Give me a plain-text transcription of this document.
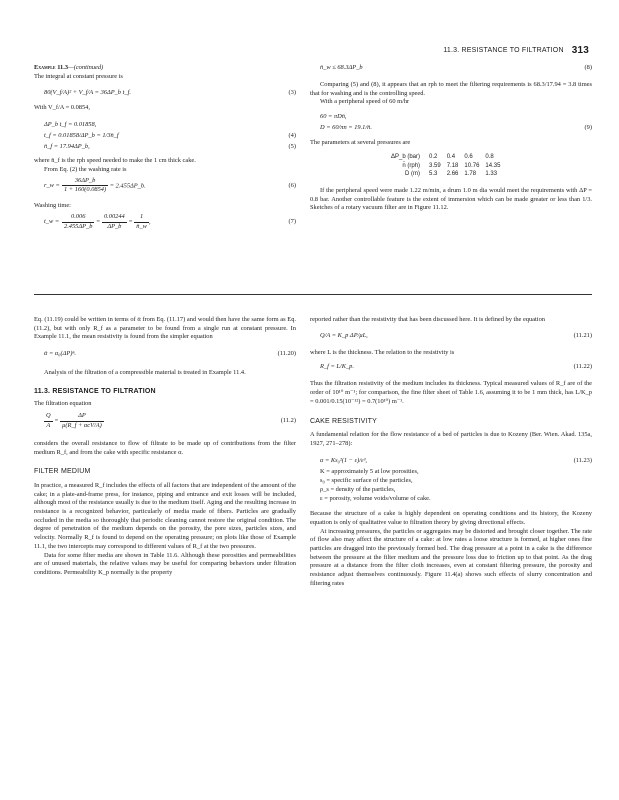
11.3. RESISTANCE TO FILTRATION 313

Example 11.3—(continued)

The integral at constant pressure is

80(V_f/A)² + V_f/A = 36ΔP_b t_f.	(3)

With V_f/A = 0.0854,

ΔP_b t_f = 0.01858,
t_f = 0.01858/ΔP_b = 1/3n̄_f	(4)
n̄_f = 17.94ΔP_b,	(5)

where n̄_f is the rph speed needed to make the 1 cm thick cake.

From Eq. (2) the washing rate is

r_w = $\frac{36\Delta P\_b}{1 + 160(0.0854)}$ = 2.455ΔP_b.	(6)

Washing time:

t_w = $\frac{0.006}{2.455\Delta P\_b} = \frac{0.00244}{\Delta P\_b} = \frac{1}{n̄\_w}$ ,	(7)
n̄_w ≤ 68.3ΔP_b	(8)

Comparing (5) and (8), it appears that an rph to meet the filtering requirements is 68.3/17.94 = 3.8 times that for washing and is the controlling speed.

With a peripheral speed of 60 m/hr

60 = πDn̄,
D = 60/πn = 19.1/n̄.	(9)

The parameters at several pressures are

ΔP_b (bar)	0.2	0.4	0.6	0.8
n̄ (rph)	3.59	7.18	10.76	14.35
D (m)	5.3	2.66	1.78	1.33

If the peripheral speed were made 1.22 m/min, a drum 1.0 m dia would meet the requirements with ΔP = 0.8 bar. Another controllable feature is the extent of immersion which can be made greater or less than 1/3. Sketches of a rotary vacuum filter are in Figure 11.12.

Eq. (11.19) could be written in terms of ᾱ from Eq. (11.17) and would then have the same form as Eq. (11.2), but with only R_f as a parameter to be found from a single run at constant pressure. In Example 11.1, the mean resistivity is found from the simpler equation

ᾱ = α₀(ΔP)ⁿ.	(11.20)

Analysis of the filtration of a compressible material is treated in Example 11.4.

11.3. RESISTANCE TO FILTRATION

The filtration equation

$\frac{Q}{A} = \frac{\Delta P}{\text{μ(R\_f + αcV/A)}}$	(11.2)

considers the overall resistance to flow of filtrate to be made up of contributions from the filter medium R_f, and from the cake with specific resistance α.

FILTER MEDIUM

In practice, a measured R_f includes the effects of all factors that are independent of the amount of the cake; in a plate-and-frame press, for instance, piping and entrance and exit losses will be included, although most of the resistance usually is due to the medium itself. Aging and the resulting increase in resistance is a recognized behavior, particularly of media made of fibers. Particles are gradually occluded in the media so thoroughly that periodic cleaning cannot restore the original condition. The degree of penetration of the medium depends on the porosity, the pore sizes, particles sizes, and velocity. Normally R_f is found to depend on the operating pressure; on plots like those of Example 11.1, the two intercepts may correspond to different values of R_f at the two pressures.

Data for some filter media are shown in Table 11.6. Although these porosities and permeabilities are of unused materials, the relative values may be useful for comparing behaviors under filtration conditions. Permeability K_p normally is the property

reported rather than the resistivity that has been discussed here. It is defined by the equation

Q/A = K_p ΔP/μL,	(11.21)

where L is the thickness. The relation to the resistivity is

R_f = L/K_p.	(11.22)

Thus the filtration resistivity of the medium includes its thickness. Typical measured values of R_f are of the order of 10¹⁰ m⁻¹; for comparison, the fine filter sheet of Table 1.6, assuming it to be 1 mm thick, has L/K_p = 0.001/0.15(10⁻¹²) = 0.7(10¹⁰) m⁻¹.

CAKE RESISTIVITY

A fundamental relation for the flow resistance of a bed of particles is due to Kozeny (Ber. Wien. Akad. 135a, 1927, 271–278):

α = Ks₀²(1 − ε)/ε³,	(11.23)

K = approximately 5 at low porosities,

s₀ = specific surface of the particles,

ρ_s = density of the particles,

ε = porosity, volume voids/volume of cake.

Because the structure of a cake is highly dependent on operating conditions and its history, the Kozeny equation is only of qualitative value to filtration theory by giving directional effects.

At increasing pressures, the particles or aggregates may be distorted and brought closer together. The rate of flow also may affect the structure of a cake: at low rates a loose structure is formed, at higher ones fine particles are dragged into the previously formed bed. The drag pressure at a point in a cake is the difference between the pressure at the filter medium and the pressure loss due to friction up to that point. As the drag pressure at a distance from the filter cloth increases, even at constant filtering pressure, the porosity and resistance adjust themselves continuously. Figure 11.4(a) shows such effects of slurry concentration and filtering rates
